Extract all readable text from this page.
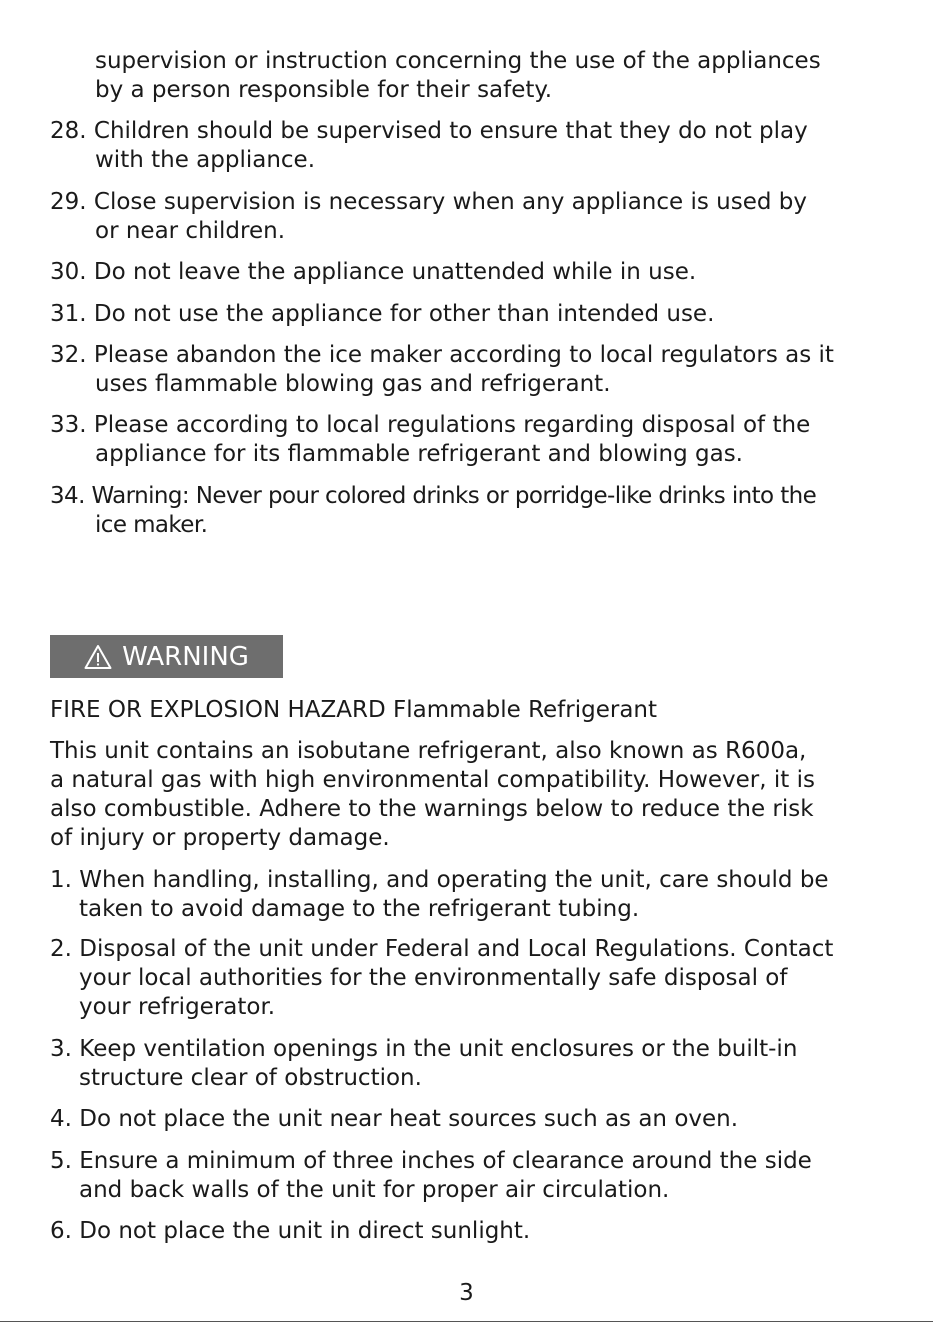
supervision or instruction concerning the use of the appliances
by a person responsible for their safety.
28. Children should be supervised to ensure that they do not play
with the appliance.
29. Close supervision is necessary when any appliance is used by
or near children.
30. Do not leave the appliance unattended while in use.
31. Do not use the appliance for other than intended use.
32. Please abandon the ice maker according to local regulators as it
uses flammable blowing gas and refrigerant.
33. Please according to local regulations regarding disposal of the
appliance for its flammable refrigerant and blowing gas.
34. Warning: Never pour colored drinks or porridge-like drinks into the
ice maker.
WARNING
FIRE OR EXPLOSION HAZARD Flammable Refrigerant
This unit contains an isobutane refrigerant, also known as R600a,
a natural gas with high environmental compatibility. However, it is
also combustible. Adhere to the warnings below to reduce the risk
of injury or property damage.
1. When handling, installing, and operating the unit, care should be
taken to avoid damage to the refrigerant tubing.
2. Disposal of the unit under Federal and Local Regulations. Contact
your local authorities for the environmentally safe disposal of
your refrigerator.
3. Keep ventilation openings in the unit enclosures or the built-in
structure clear of obstruction.
4. Do not place the unit near heat sources such as an oven.
5. Ensure a minimum of three inches of clearance around the side
and back walls of the unit for proper air circulation.
6. Do not place the unit in direct sunlight.
3
